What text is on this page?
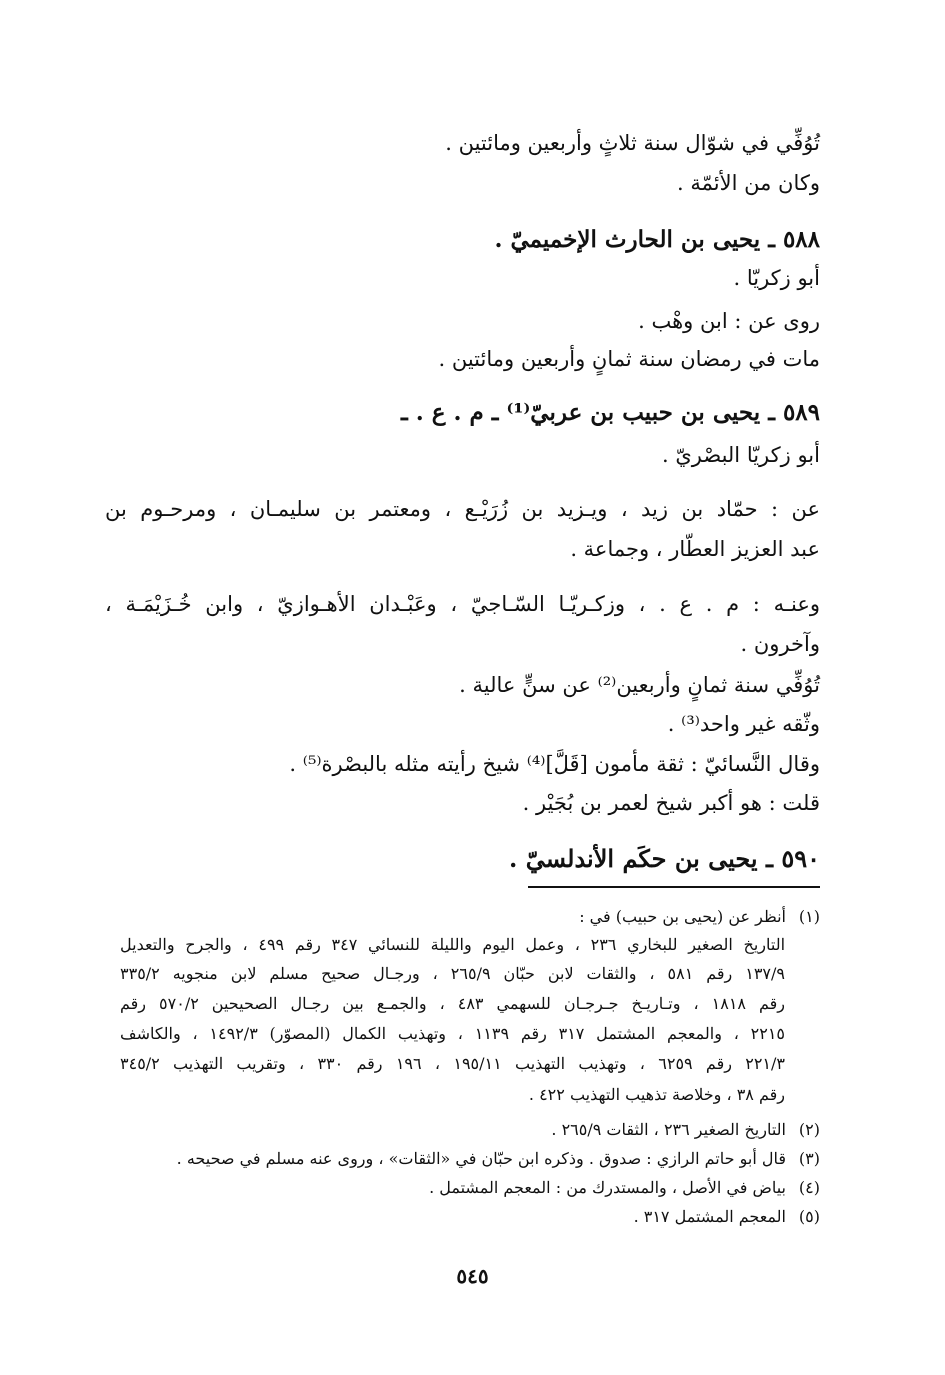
تُوُفِّي في شوّال سنة ثلاثٍ وأربعين ومائتين .
وكان من الأئمّة .
٥٨٨ ـ يحيى بن الحارث الإخميميّ .
أبو زكريّا .
روى عن : ابن وهْب .
مات في رمضان سنة ثمانٍ وأربعين ومائتين .
٥٨٩ ـ يحيى بن حبيب بن عربيّ⁽¹⁾ ـ م . ع . ـ
أبو زكريّا البصْريّ .
عن : حمّاد بن زيد ، ويـزيد بن زُرَيْـع ، ومعتمر بن سليمـان ، ومرحـوم بن
عبد العزيز العطّار ، وجماعة .
وعنـه : م . ع . ، وزكـريّـا السّـاجيّ ، وعَبْـدان الأهـوازيّ ، وابن خُـزَيْمَـة ،
وآخرون .
تُوُفِّي سنة ثمانٍ وأربعين⁽²⁾ عن سنٍّ عالية .
وثّقه غير واحد⁽³⁾ .
وقال النَّسائيّ : ثقة مأمون [قَلَّ]⁽⁴⁾ شيخ رأيته مثله بالبصْرة⁽⁵⁾ .
قلت : هو أكبر شيخ لعمر بن بُجَيْر .
٥٩٠ ـ يحيى بن حكَم الأندلسيّ .
(١)أنظر عن (يحيى بن حبيب) في :
التاريخ الصغير للبخاري ٢٣٦ ، وعمل اليوم والليلة للنسائي ٣٤٧ رقم ٤٩٩ ، والجرح والتعديل
١٣٧/٩ رقم ٥٨١ ، والثقات لابن حبّان ٢٦٥/٩ ، ورجـال صحيح مسلم لابن منجويه ٣٣٥/٢
رقم ١٨١٨ ، وتـاريـخ جـرجـان للسهمي ٤٨٣ ، والجمـع بين رجـال الصحيحين ٥٧٠/٢ رقم
٢٢١٥ ، والمعجم المشتمل ٣١٧ رقم ١١٣٩ ، وتهذيب الكمال (المصوّر) ١٤٩٢/٣ ، والكاشف
٢٢١/٣ رقم ٦٢٥٩ ، وتهذيب التهذيب ١٩٥/١١ ، ١٩٦ رقم ٣٣٠ ، وتقريب التهذيب ٣٤٥/٢
رقم ٣٨ ، وخلاصة تذهيب التهذيب ٤٢٢ .
(٢)التاريخ الصغير ٢٣٦ ، الثقات ٢٦٥/٩ .
(٣)قال أبو حاتم الرازي : صدوق . وذكره ابن حبّان في «الثقات» ، وروى عنه مسلم في صحيحه .
(٤)بياض في الأصل ، والمستدرك من : المعجم المشتمل .
(٥)المعجم المشتمل ٣١٧ .
٥٤٥
